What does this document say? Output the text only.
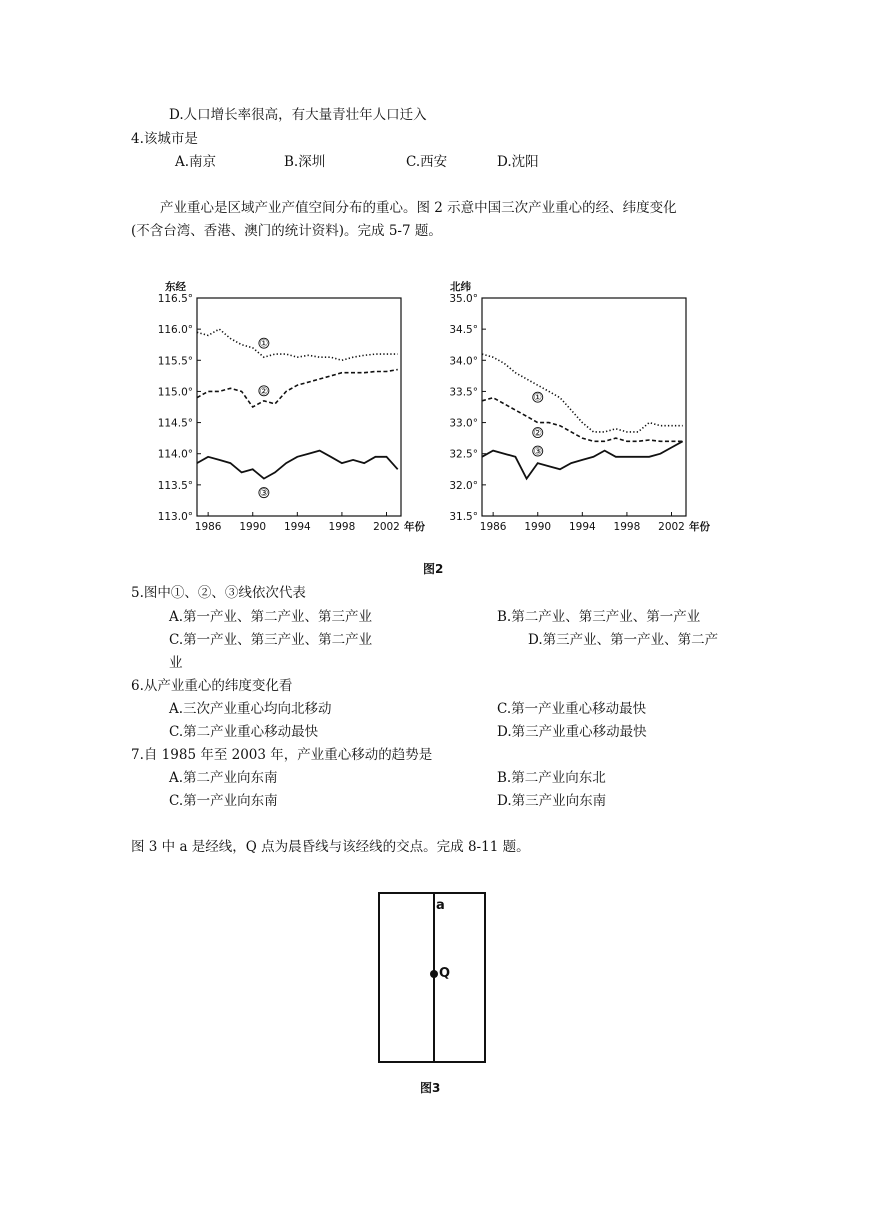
D.人口增长率很高，有大量青壮年人口迁入
4.该城市是
A.南京	B.深圳	C.西安	D.沈阳
产业重心是区域产业产值空间分布的重心。图 2 示意中国三次产业重心的经、纬度变化
(不含台湾、香港、澳门的统计资料)。完成 5-7 题。
116.5°
116.0°
115.5°
115.0°
114.5°
114.0°
113.5°
113.0°
1986 1990 1994 1998 2002
东经
年份
①
②
③
35.0°
34.5°
34.0°
33.5°
33.0°
32.5°
32.0°
31.5°
1986 1990 1994 1998 2002
北纬
年份
①
②
③
图2
5.图中①、②、③线依次代表
A.第一产业、第二产业、第三产业	B.第二产业、第三产业、第一产业
C.第一产业、第三产业、第二产业	D.第三产业、第一产业、第二产
业
6.从产业重心的纬度变化看
A.三次产业重心均向北移动	C.第一产业重心移动最快
C.第二产业重心移动最快	D.第三产业重心移动最快
7.自 1985 年至 2003 年，产业重心移动的趋势是
A.第二产业向东南	B.第二产业向东北
C.第一产业向东南	D.第三产业向东南
图 3 中 a 是经线，Q 点为晨昏线与该经线的交点。完成 8-11 题。
a
Q
图3
